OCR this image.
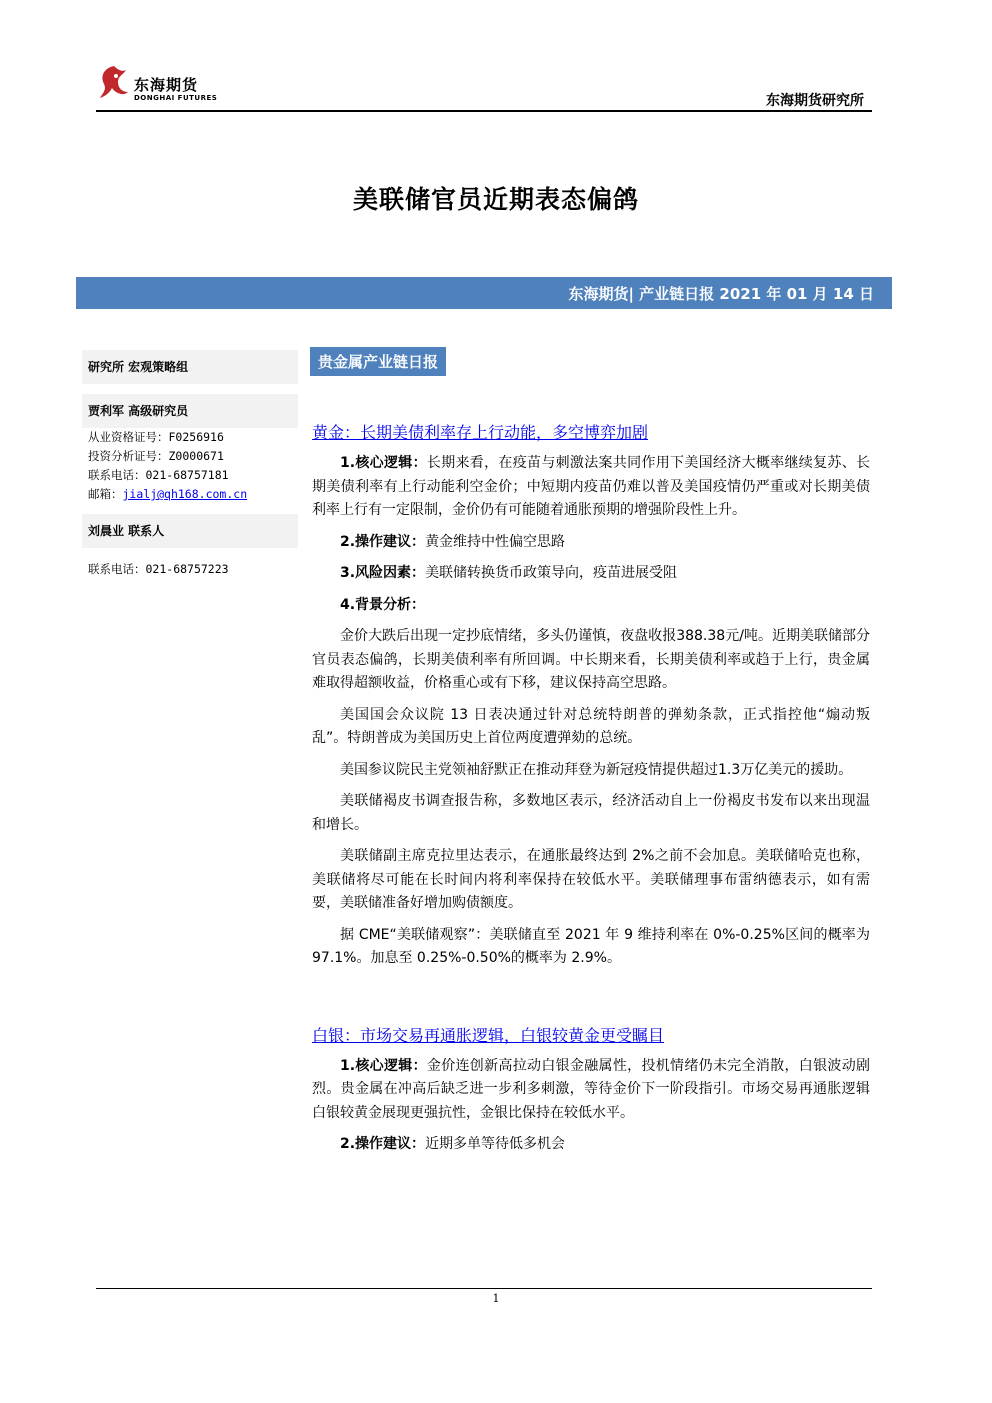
东海期货
DONGHAI FUTURES	东海期货研究所
美联储官员近期表态偏鸽
东海期货| 产业链日报 2021 年 01 月 14 日
研究所 宏观策略组
贾利军 高级研究员
从业资格证号：F0256916
投资分析证号：Z0000671
联系电话：021-68757181
邮箱：jialj@qh168.com.cn
刘晨业 联系人
联系电话：021-68757223
贵金属产业链日报
黄金：长期美债利率存上行动能，多空博弈加剧

1.核心逻辑：长期来看，在疫苗与刺激法案共同作用下美国经济大概率继续复苏、长期美债利率有上行动能利空金价；中短期内疫苗仍难以普及美国疫情仍严重或对长期美债利率上行有一定限制，金价仍有可能随着通胀预期的增强阶段性上升。

2.操作建议：黄金维持中性偏空思路

3.风险因素：美联储转换货币政策导向，疫苗进展受阻

4.背景分析：

金价大跌后出现一定抄底情绪，多头仍谨慎，夜盘收报388.38元/吨。近期美联储部分官员表态偏鸽，长期美债利率有所回调。中长期来看，长期美债利率或趋于上行，贵金属难取得超额收益，价格重心或有下移，建议保持高空思路。

美国国会众议院 13 日表决通过针对总统特朗普的弹劾条款，正式指控他“煽动叛乱”。特朗普成为美国历史上首位两度遭弹劾的总统。

美国参议院民主党领袖舒默正在推动拜登为新冠疫情提供超过1.3万亿美元的援助。

美联储褐皮书调查报告称，多数地区表示，经济活动自上一份褐皮书发布以来出现温和增长。

美联储副主席克拉里达表示，在通胀最终达到 2%之前不会加息。美联储哈克也称，美联储将尽可能在长时间内将利率保持在较低水平。美联储理事布雷纳德表示，如有需要，美联储准备好增加购债额度。

据 CME“美联储观察”：美联储直至 2021 年 9 维持利率在 0%-0.25%区间的概率为 97.1%。加息至 0.25%-0.50%的概率为 2.9%。

白银：市场交易再通胀逻辑，白银较黄金更受瞩目

1.核心逻辑：金价连创新高拉动白银金融属性，投机情绪仍未完全消散，白银波动剧烈。贵金属在冲高后缺乏进一步利多刺激，等待金价下一阶段指引。市场交易再通胀逻辑白银较黄金展现更强抗性，金银比保持在较低水平。

2.操作建议：近期多单等待低多机会

1
